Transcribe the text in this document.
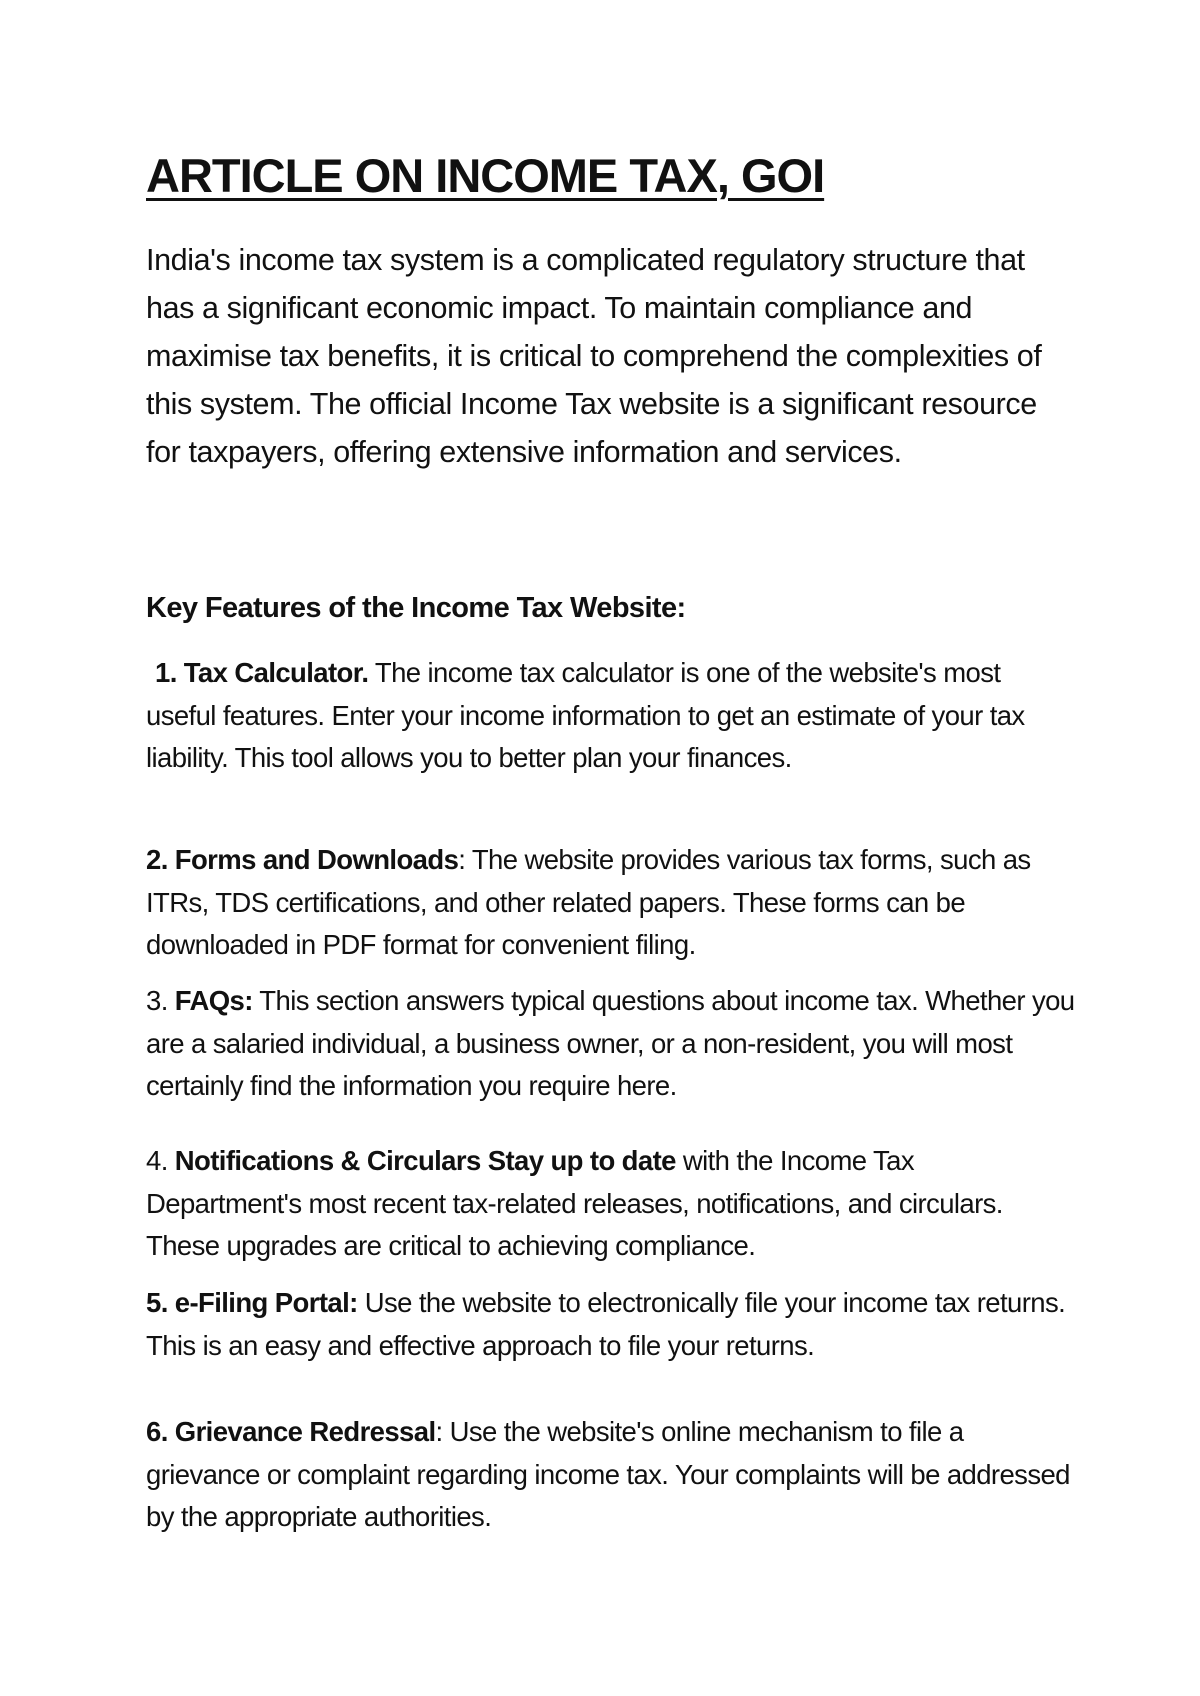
ARTICLE ON INCOME TAX, GOI

India's income tax system is a complicated regulatory structure that has a significant economic impact. To maintain compliance and maximise tax benefits, it is critical to comprehend the complexities of this system. The official Income Tax website is a significant resource for taxpayers, offering extensive information and services.

Key Features of the Income Tax Website:

1. Tax Calculator. The income tax calculator is one of the website's most useful features. Enter your income information to get an estimate of your tax liability. This tool allows you to better plan your finances.

2. Forms and Downloads: The website provides various tax forms, such as ITRs, TDS certifications, and other related papers. These forms can be downloaded in PDF format for convenient filing.

3. FAQs: This section answers typical questions about income tax. Whether you are a salaried individual, a business owner, or a non-resident, you will most certainly find the information you require here.

4. Notifications & Circulars Stay up to date with the Income Tax Department's most recent tax-related releases, notifications, and circulars. These upgrades are critical to achieving compliance.

5. e-Filing Portal: Use the website to electronically file your income tax returns. This is an easy and effective approach to file your returns.

6. Grievance Redressal: Use the website's online mechanism to file a grievance or complaint regarding income tax. Your complaints will be addressed by the appropriate authorities.
